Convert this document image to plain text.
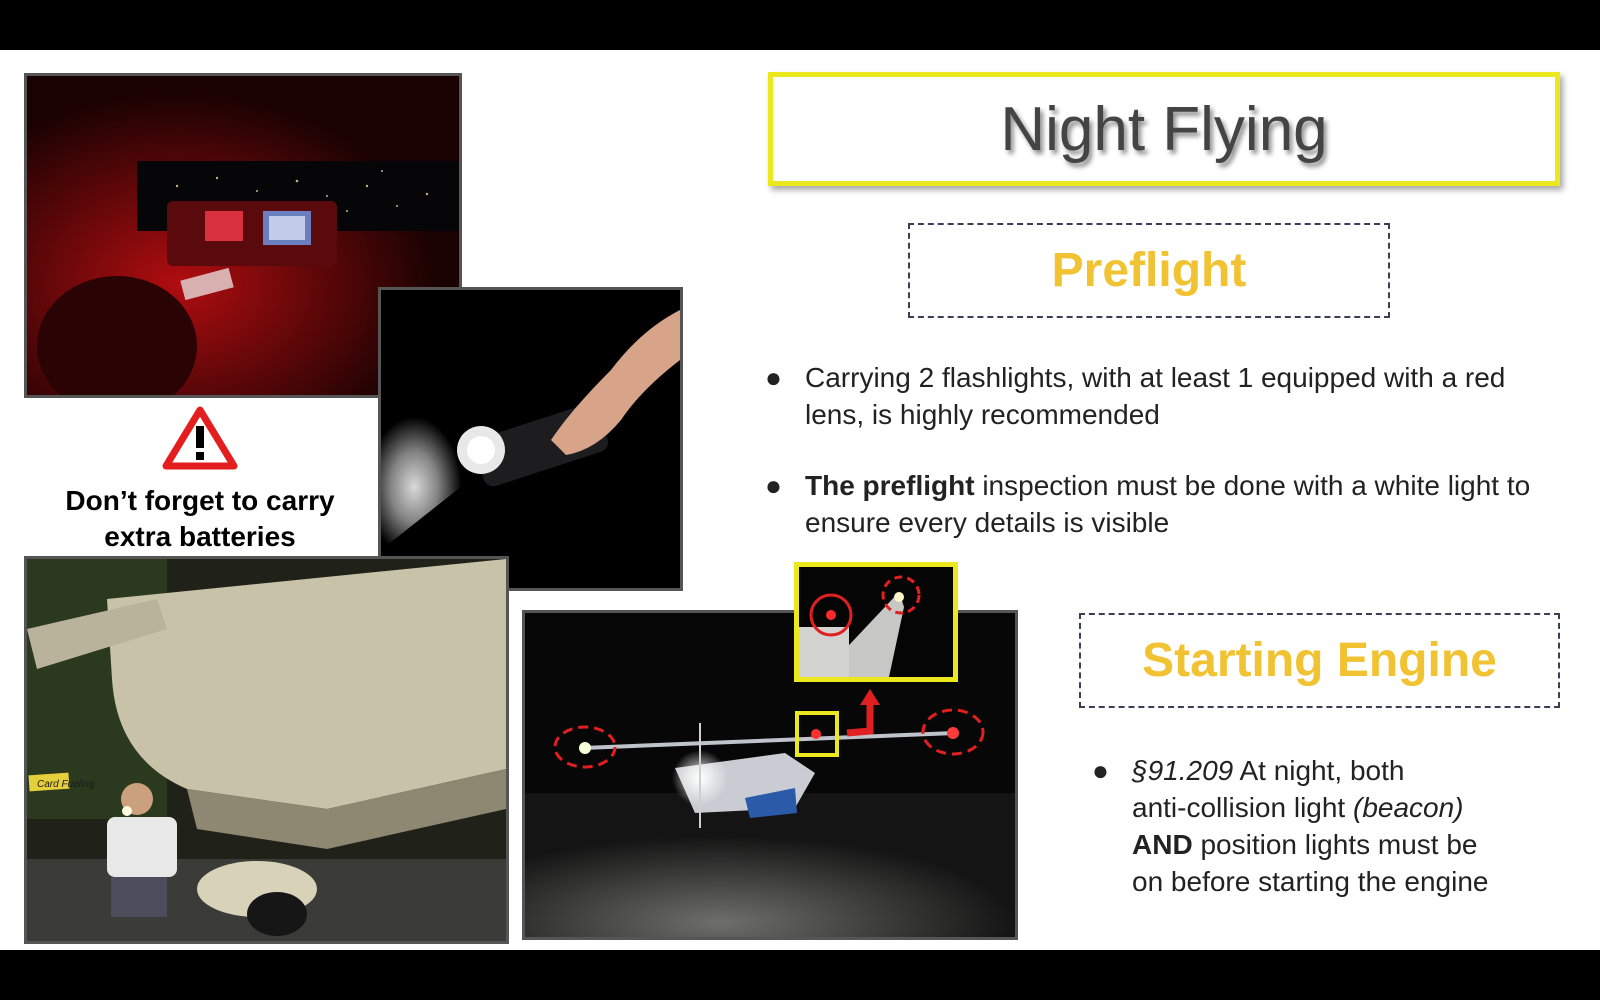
Don’t forget to carry
extra batteries
Card Fueling
Night Flying
Preflight
● Carrying 2 flashlights, with at least 1 equipped with a red lens, is highly recommended
● The preflight inspection must be done with a white light to ensure every details is visible
Starting Engine
● §91.209 At night, both
anti-collision light (beacon)
AND position lights must be
on before starting the engine
